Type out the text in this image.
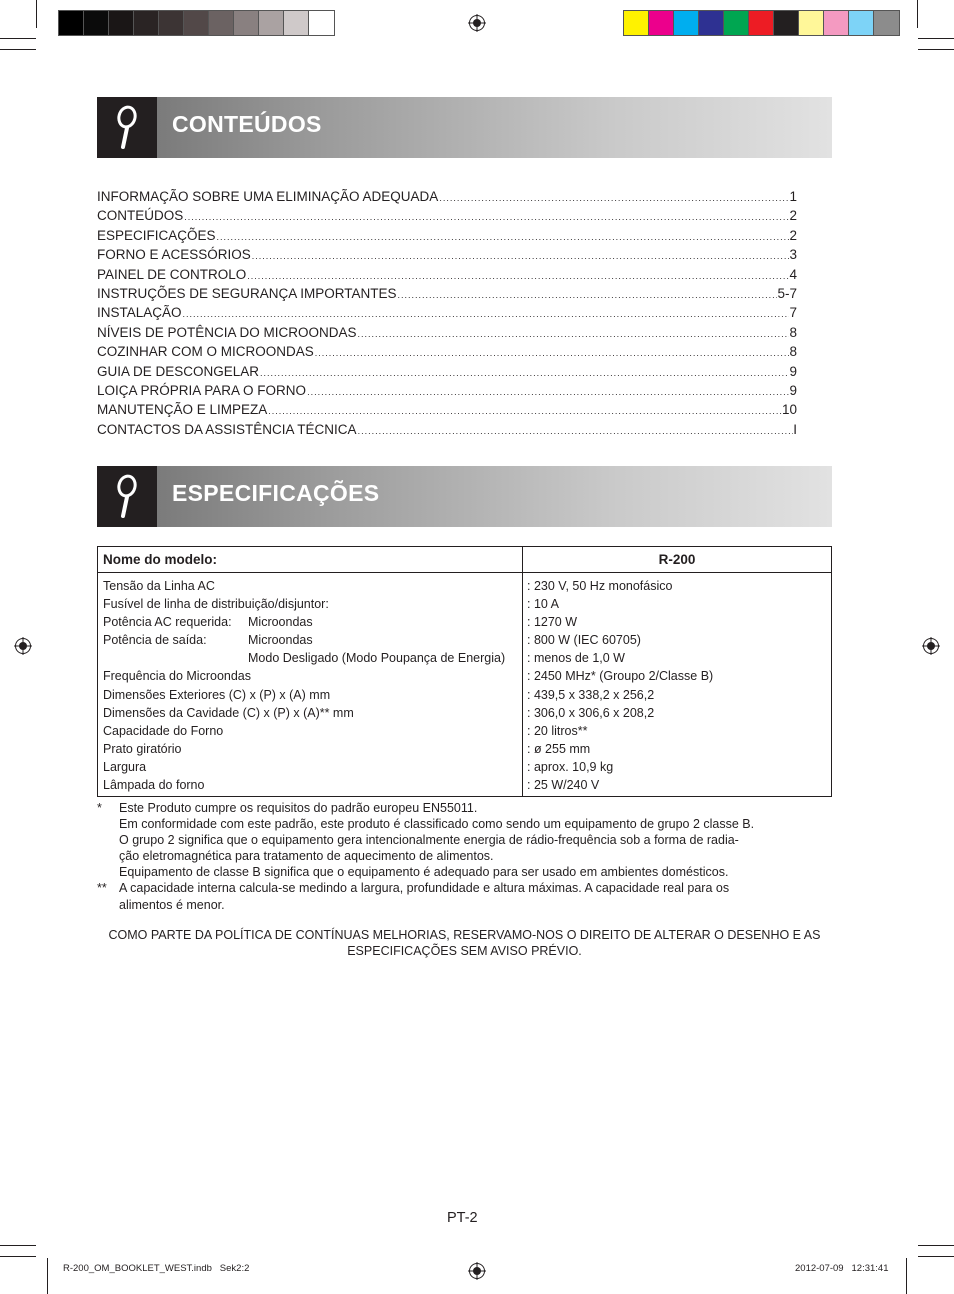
CONTEÚDOS
INFORMAÇÃO SOBRE UMA ELIMINAÇÃO ADEQUADA .....	1
CONTEÚDOS .....	2
ESPECIFICAÇÕES .....	2
FORNO E ACESSÓRIOS .....	3
PAINEL DE CONTROLO .....	4
INSTRUÇÕES DE SEGURANÇA IMPORTANTES .....	5-7
INSTALAÇÃO .....	7
NÍVEIS DE POTÊNCIA DO MICROONDAS .....	8
COZINHAR COM O MICROONDAS .....	8
GUIA DE DESCONGELAR .....	9
LOIÇA PRÓPRIA PARA O FORNO .....	9
MANUTENÇÃO E LIMPEZA .....	10
CONTACTOS DA ASSISTÊNCIA TÉCNICA .....	I
ESPECIFICAÇÕES
Nome do modelo:	R-200
Tensão da Linha AC	: 230 V, 50 Hz monofásico
Fusível de linha de distribuição/disjuntor:	: 10 A
Potência AC requerida: Microondas	: 1270 W
Potência de saída:	Microondas	: 800 W (IEC 60705)
Modo Desligado (Modo Poupança de Energia) : menos de 1,0 W
Frequência do Microondas	: 2450 MHz* (Groupo 2/Classe B)
Dimensões Exteriores (C) x (P) x (A) mm	: 439,5 x 338,2 x 256,2
Dimensões da Cavidade (C) x (P) x (A)** mm	: 306,0 x 306,6 x 208,2
Capacidade do Forno	: 20 litros**
Prato giratório	: ø 255 mm
Largura	: aprox. 10,9 kg
Lâmpada do forno	: 25 W/240 V
*	Este Produto cumpre os requisitos do padrão europeu EN55011.
Em conformidade com este padrão, este produto é classificado como sendo um equipamento de grupo 2 classe B.
O grupo 2 significa que o equipamento gera intencionalmente energia de rádio-frequência sob a forma de radia-
ção eletromagnética para tratamento de aquecimento de alimentos.
Equipamento de classe B significa que o equipamento é adequado para ser usado em ambientes domésticos.
** A capacidade interna calcula-se medindo a largura, profundidade e altura máximas. A capacidade real para os
alimentos é menor.
COMO PARTE DA POLÍTICA DE CONTÍNUAS MELHORIAS, RESERVAMO-NOS O DIREITO DE ALTERAR O DESENHO E AS
ESPECIFICAÇÕES SEM AVISO PRÉVIO.
PT-2
R-200_OM_BOOKLET_WEST.indb   Sek2:2	2012-07-09   12:31:41
